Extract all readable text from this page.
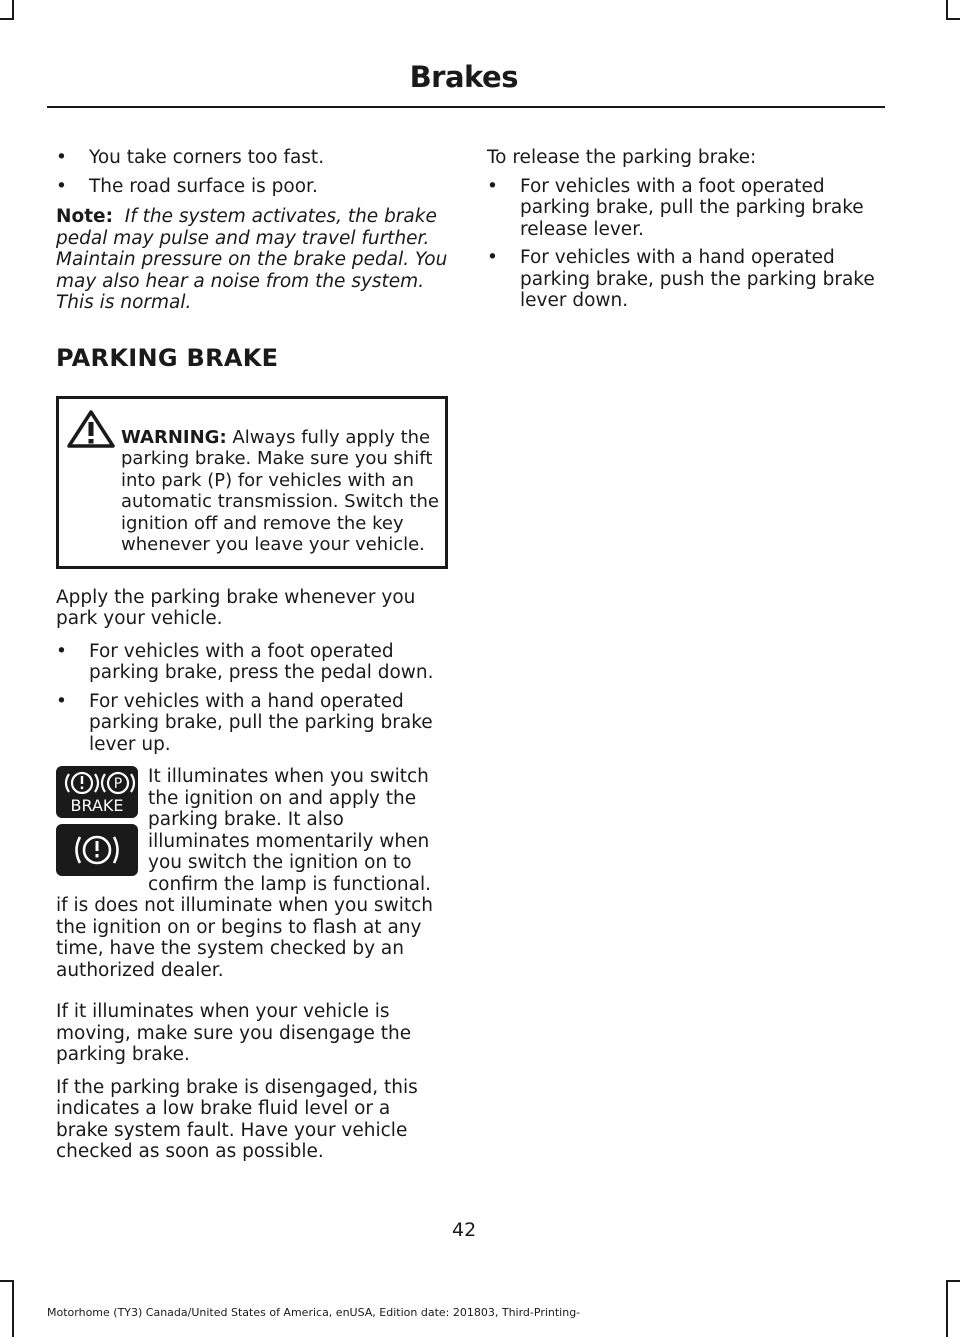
Brakes
• You take corners too fast.
• The road surface is poor.

Note: If the system activates, the brake pedal may pulse and may travel further. Maintain pressure on the brake pedal. You may also hear a noise from the system. This is normal.

PARKING BRAKE
WARNING: Always fully apply the parking brake. Make sure you shift into park (P) for vehicles with an automatic transmission. Switch the ignition off and remove the key whenever you leave your vehicle.

Apply the parking brake whenever you park your vehicle.

• For vehicles with a foot operated parking brake, press the pedal down.
• For vehicles with a hand operated parking brake, pull the parking brake lever up.
P
BRAKE
It illuminates when you switch the ignition on and apply the parking brake. It also illuminates momentarily when you switch the ignition on to confirm the lamp is functional. if is does not illuminate when you switch the ignition on or begins to flash at any time, have the system checked by an authorized dealer.

If it illuminates when your vehicle is moving, make sure you disengage the parking brake.

If the parking brake is disengaged, this indicates a low brake fluid level or a brake system fault. Have your vehicle checked as soon as possible.

To release the parking brake:

• For vehicles with a foot operated parking brake, pull the parking brake release lever.
• For vehicles with a hand operated parking brake, push the parking brake lever down.
42
Motorhome (TY3) Canada/United States of America, enUSA, Edition date: 201803, Third-Printing-
